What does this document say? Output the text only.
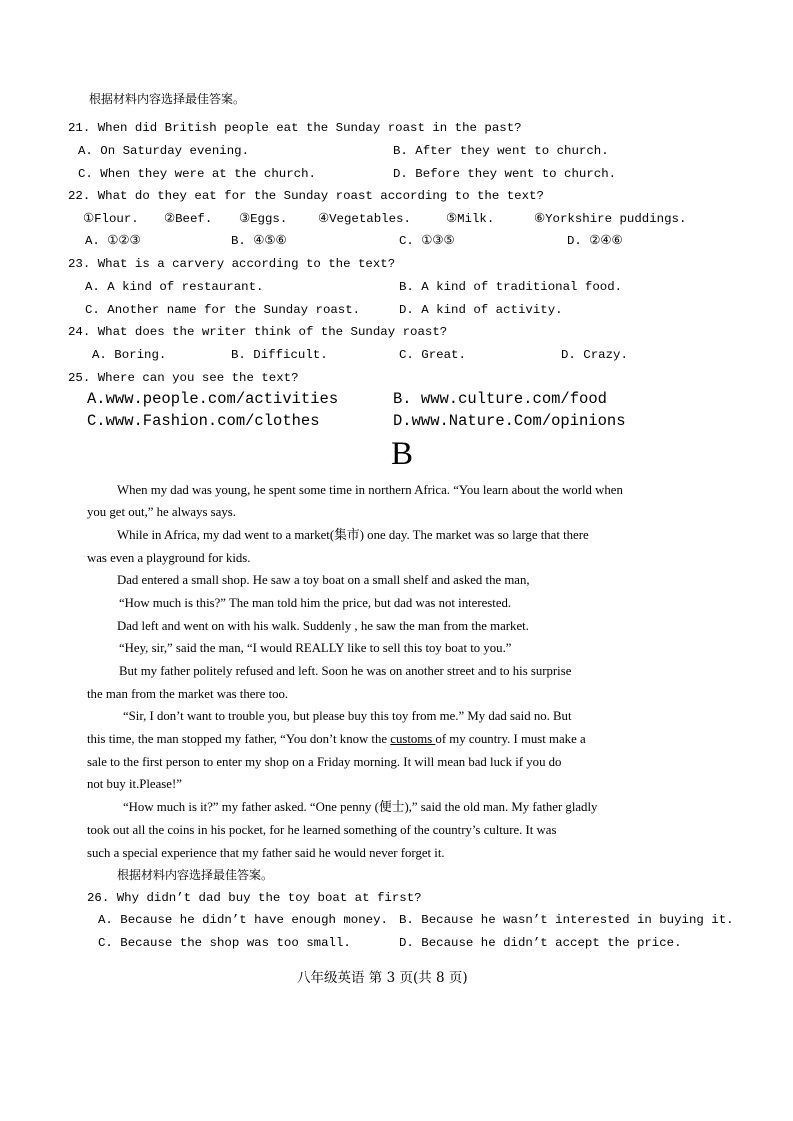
根据材料内容选择最佳答案。
21. When did British people eat the Sunday roast in the past?
A. On Saturday evening.	B. After they went to church.
C. When they were at the church.	D. Before they went to church.
22. What do they eat for the Sunday roast according to the text?
①Flour. ②Beef. ③Eggs. ④Vegetables.	⑤Milk.	⑥Yorkshire puddings.
A. ①②③	B. ④⑤⑥	C. ①③⑤	D. ②④⑥
23. What is a carvery according to the text?
A. A kind of restaurant.	B. A kind of traditional food.
C. Another name for the Sunday roast.	D. A kind of activity.
24. What does the writer think of the Sunday roast?
A. Boring.	B. Difficult.	C. Great.	D. Crazy.
25. Where can you see the text?
A.www.people.com/activities	B. www.culture.com/food
C.www.Fashion.com/clothes	D.www.Nature.Com/opinions
B
When my dad was young, he spent some time in northern Africa. “You learn about the world when
you get out,” he always says.
While in Africa, my dad went to a market(集市) one day. The market was so large that there
was even a playground for kids.
Dad entered a small shop. He saw a toy boat on a small shelf and asked the man,
“How much is this?” The man told him the price, but dad was not interested.
Dad left and went on with his walk. Suddenly , he saw the man from the market.
“Hey, sir,” said the man, “I would REALLY like to sell this toy boat to you.”
But my father politely refused and left. Soon he was on another street and to his surprise
the man from the market was there too.
“Sir, I don’t want to trouble you, but please buy this toy from me.” My dad said no. But
this time, the man stopped my father, “You don’t know the customs of my country. I must make a
sale to the first person to enter my shop on a Friday morning. It will mean bad luck if you do
not buy it.Please!”
“How much is it?” my father asked. “One penny (便士),” said the old man. My father gladly
took out all the coins in his pocket, for he learned something of the country’s culture. It was
such a special experience that my father said he would never forget it.
根据材料内容选择最佳答案。
26. Why didn’t dad buy the toy boat at first?
A. Because he didn’t have enough money. B. Because he wasn’t interested in buying it.
C. Because the shop was too small.	D. Because he didn’t accept the price.
八年级英语 第 3 页(共 8 页)
